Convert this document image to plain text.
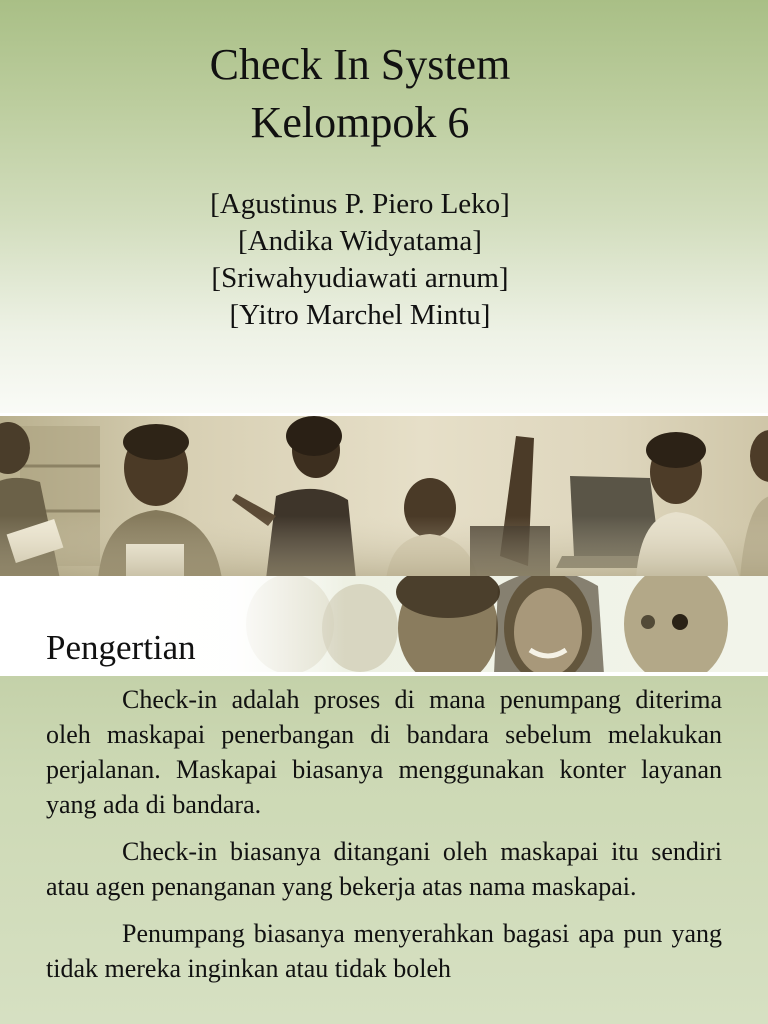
Check In System
Kelompok 6
[Agustinus P. Piero Leko]
[Andika Widyatama]
[Sriwahyudiawati arnum]
[Yitro Marchel Mintu]
Pengertian

Check-in adalah proses di mana penumpang diterima oleh maskapai penerbangan di bandara sebelum melakukan perjalanan. Maskapai biasanya menggunakan konter layanan yang ada di bandara.

Check-in biasanya ditangani oleh maskapai itu sendiri atau agen penanganan yang bekerja atas nama maskapai.

Penumpang biasanya menyerahkan bagasi apa pun yang tidak mereka inginkan atau tidak boleh
